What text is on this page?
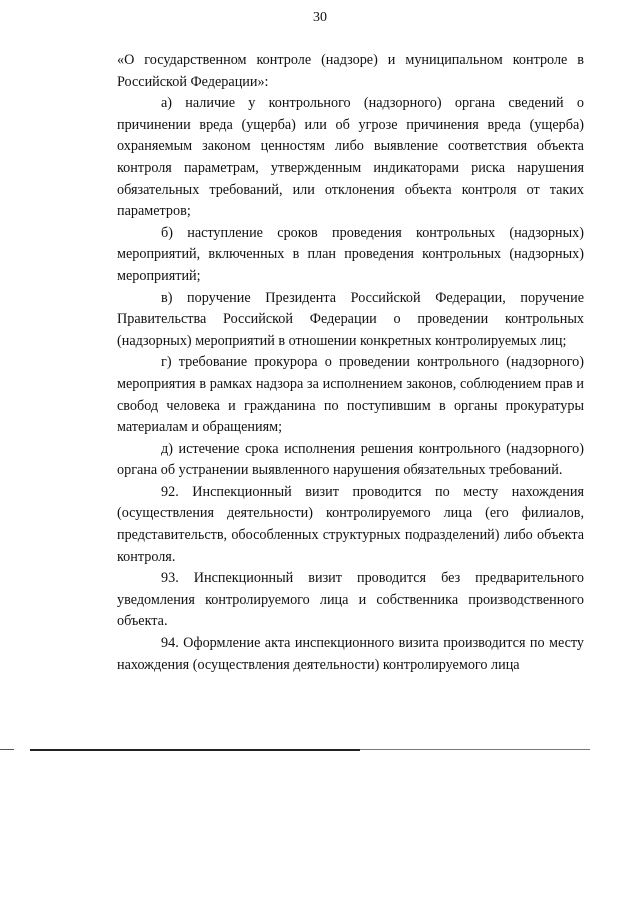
30

«О государственном контроле (надзоре) и муниципальном контроле в Российской Федерации»:

а) наличие у контрольного (надзорного) органа сведений о причинении вреда (ущерба) или об угрозе причинения вреда (ущерба) охраняемым законом ценностям либо выявление соответствия объекта контроля параметрам, утвержденным индикаторами риска нарушения обязательных требований, или отклонения объекта контроля от таких параметров;

б) наступление сроков проведения контрольных (надзорных) мероприятий, включенных в план проведения контрольных (надзорных) мероприятий;

в) поручение Президента Российской Федерации, поручение Правительства Российской Федерации о проведении контрольных (надзорных) мероприятий в отношении конкретных контролируемых лиц;

г) требование прокурора о проведении контрольного (надзорного) мероприятия в рамках надзора за исполнением законов, соблюдением прав и свобод человека и гражданина по поступившим в органы прокуратуры материалам и обращениям;

д) истечение срока исполнения решения контрольного (надзорного) органа об устранении выявленного нарушения обязательных требований.

92. Инспекционный визит проводится по месту нахождения (осуществления деятельности) контролируемого лица (его филиалов, представительств, обособленных структурных подразделений) либо объекта контроля.

93. Инспекционный визит проводится без предварительного уведомления контролируемого лица и собственника производственного объекта.

94. Оформление акта инспекционного визита производится по месту нахождения (осуществления деятельности) контролируемого лица
